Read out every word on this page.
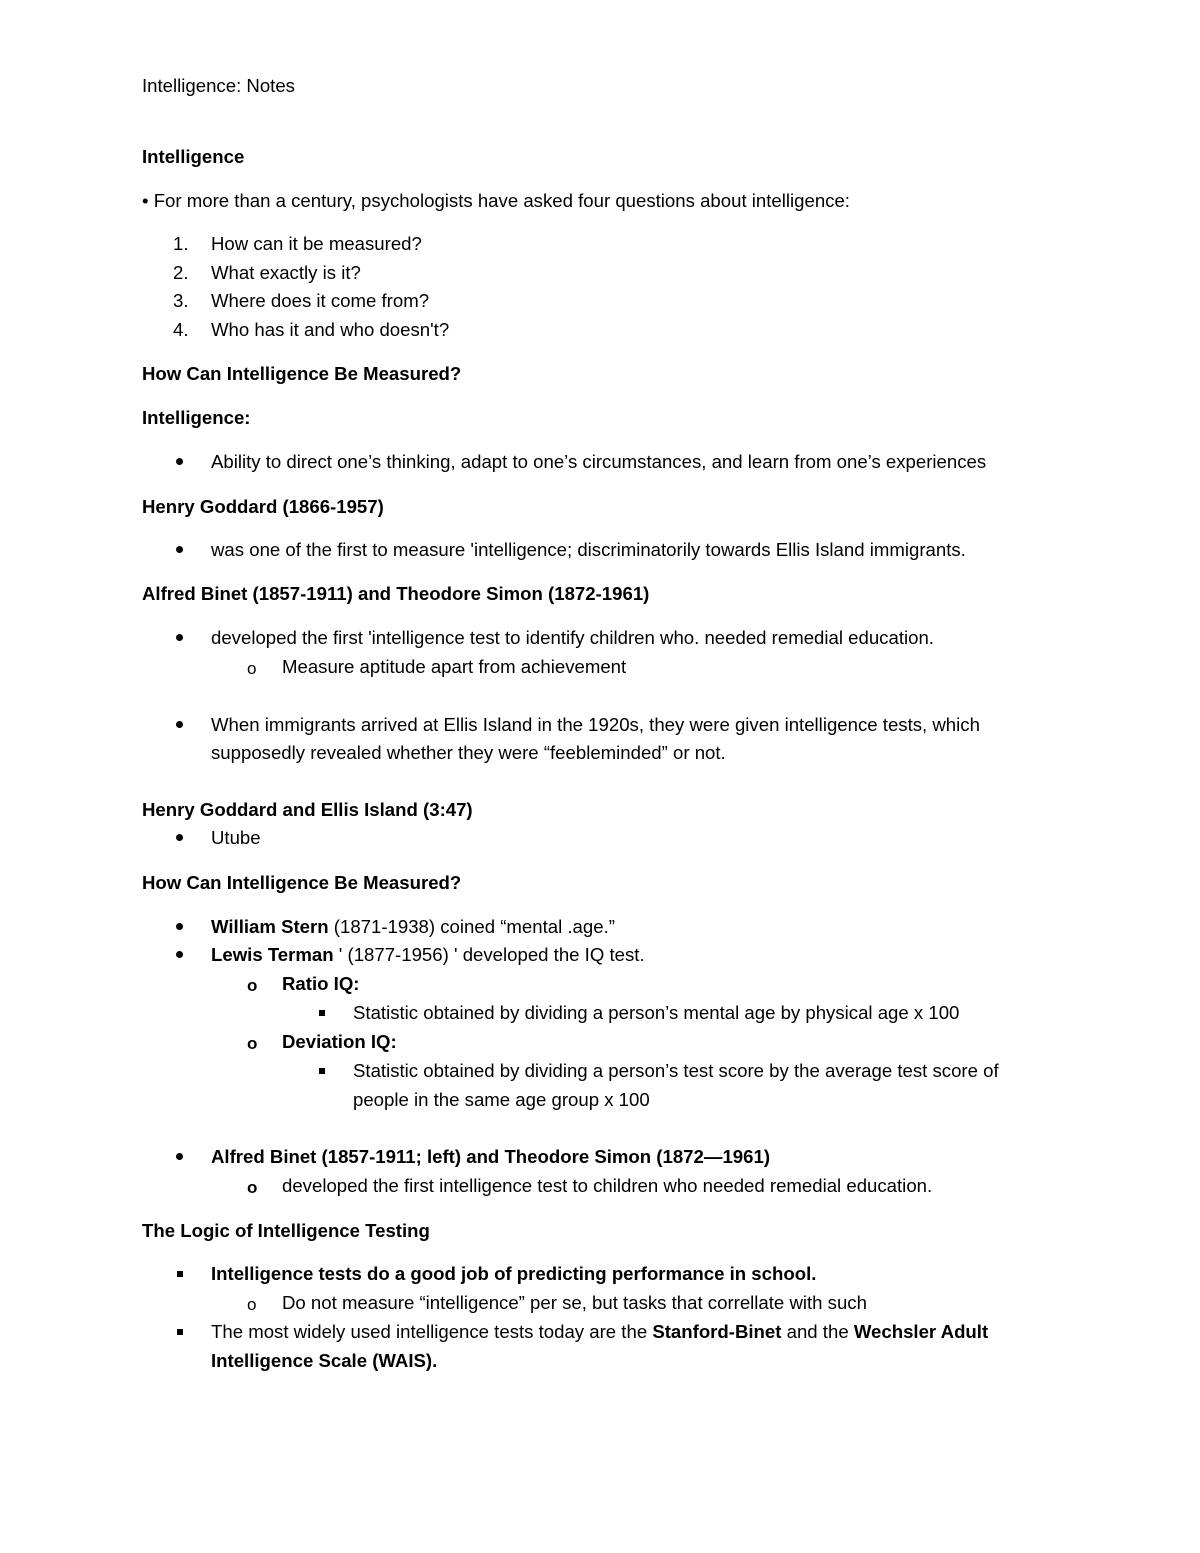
Intelligence: Notes
Intelligence
• For more than a century, psychologists have asked four questions about intelligence:
1. How can it be measured?
2. What exactly is it?
3. Where does it come from?
4. Who has it and who doesn't?
How Can Intelligence Be Measured?
Intelligence:
Ability to direct one’s thinking, adapt to one’s circumstances, and learn from one’s experiences
Henry Goddard (1866-1957)
was one of the first to measure 'intelligence; discriminatorily towards Ellis Island immigrants.
Alfred Binet (1857-1911) and Theodore Simon (1872-1961)
developed the first 'intelligence test to identify children who. needed remedial education.
o Measure aptitude apart from achievement
When immigrants arrived at Ellis Island in the 1920s, they were given intelligence tests, which
supposedly revealed whether they were “feebleminded” or not.
Henry Goddard and Ellis Island (3:47)
Utube
How Can Intelligence Be Measured?
William Stern (1871-1938) coined “mental .age.”
Lewis Terman ' (1877-1956) ' developed the IQ test.
o Ratio IQ:
Statistic obtained by dividing a person’s mental age by physical age x 100
o Deviation IQ:
Statistic obtained by dividing a person’s test score by the average test score of
people in the same age group x 100
Alfred Binet (1857-1911; left) and Theodore Simon (1872—1961)
o developed the first intelligence test to children who needed remedial education.
The Logic of Intelligence Testing
Intelligence tests do a good job of predicting performance in school.
o Do not measure “intelligence” per se, but tasks that correllate with such
The most widely used intelligence tests today are the Stanford-Binet and the Wechsler Adult
Intelligence Scale (WAIS).
